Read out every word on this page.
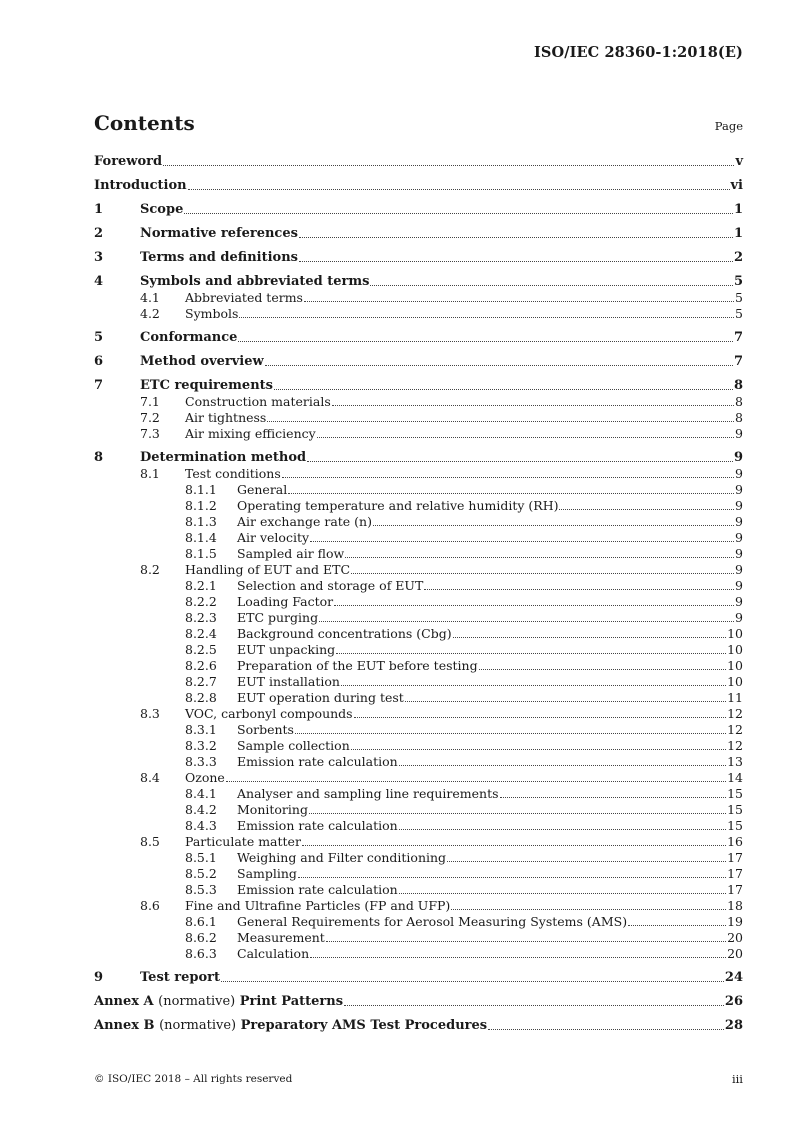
ISO/IEC 28360-1:2018(E)
Contents	Page
Foreword	v
Introduction	vi
1	Scope	1
2	Normative references	1
3	Terms and definitions	2
4	Symbols and abbreviated terms	5
4.1	Abbreviated terms	5
4.2	Symbols	5
5	Conformance	7
6	Method overview	7
7	ETC requirements	8
7.1	Construction materials	8
7.2	Air tightness	8
7.3	Air mixing efficiency	9
8	Determination method	9
8.1	Test conditions	9
8.1.1	General	9
8.1.2	Operating temperature and relative humidity (RH)	9
8.1.3	Air exchange rate (n)	9
8.1.4	Air velocity	9
8.1.5	Sampled air flow	9
8.2	Handling of EUT and ETC	9
8.2.1	Selection and storage of EUT	9
8.2.2	Loading Factor	9
8.2.3	ETC purging	9
8.2.4	Background concentrations (Cbg)	10
8.2.5	EUT unpacking	10
8.2.6	Preparation of the EUT before testing	10
8.2.7	EUT installation	10
8.2.8	EUT operation during test	11
8.3	VOC, carbonyl compounds	12
8.3.1	Sorbents	12
8.3.2	Sample collection	12
8.3.3	Emission rate calculation	13
8.4	Ozone	14
8.4.1	Analyser and sampling line requirements	15
8.4.2	Monitoring	15
8.4.3	Emission rate calculation	15
8.5	Particulate matter	16
8.5.1	Weighing and Filter conditioning	17
8.5.2	Sampling	17
8.5.3	Emission rate calculation	17
8.6	Fine and Ultrafine Particles (FP and UFP)	18
8.6.1	General Requirements for Aerosol Measuring Systems (AMS)	19
8.6.2	Measurement	20
8.6.3	Calculation	20
9	Test report	24
Annex A (normative) Print Patterns	26
Annex B (normative) Preparatory AMS Test Procedures	28
© ISO/IEC 2018 – All rights reserved	iii
